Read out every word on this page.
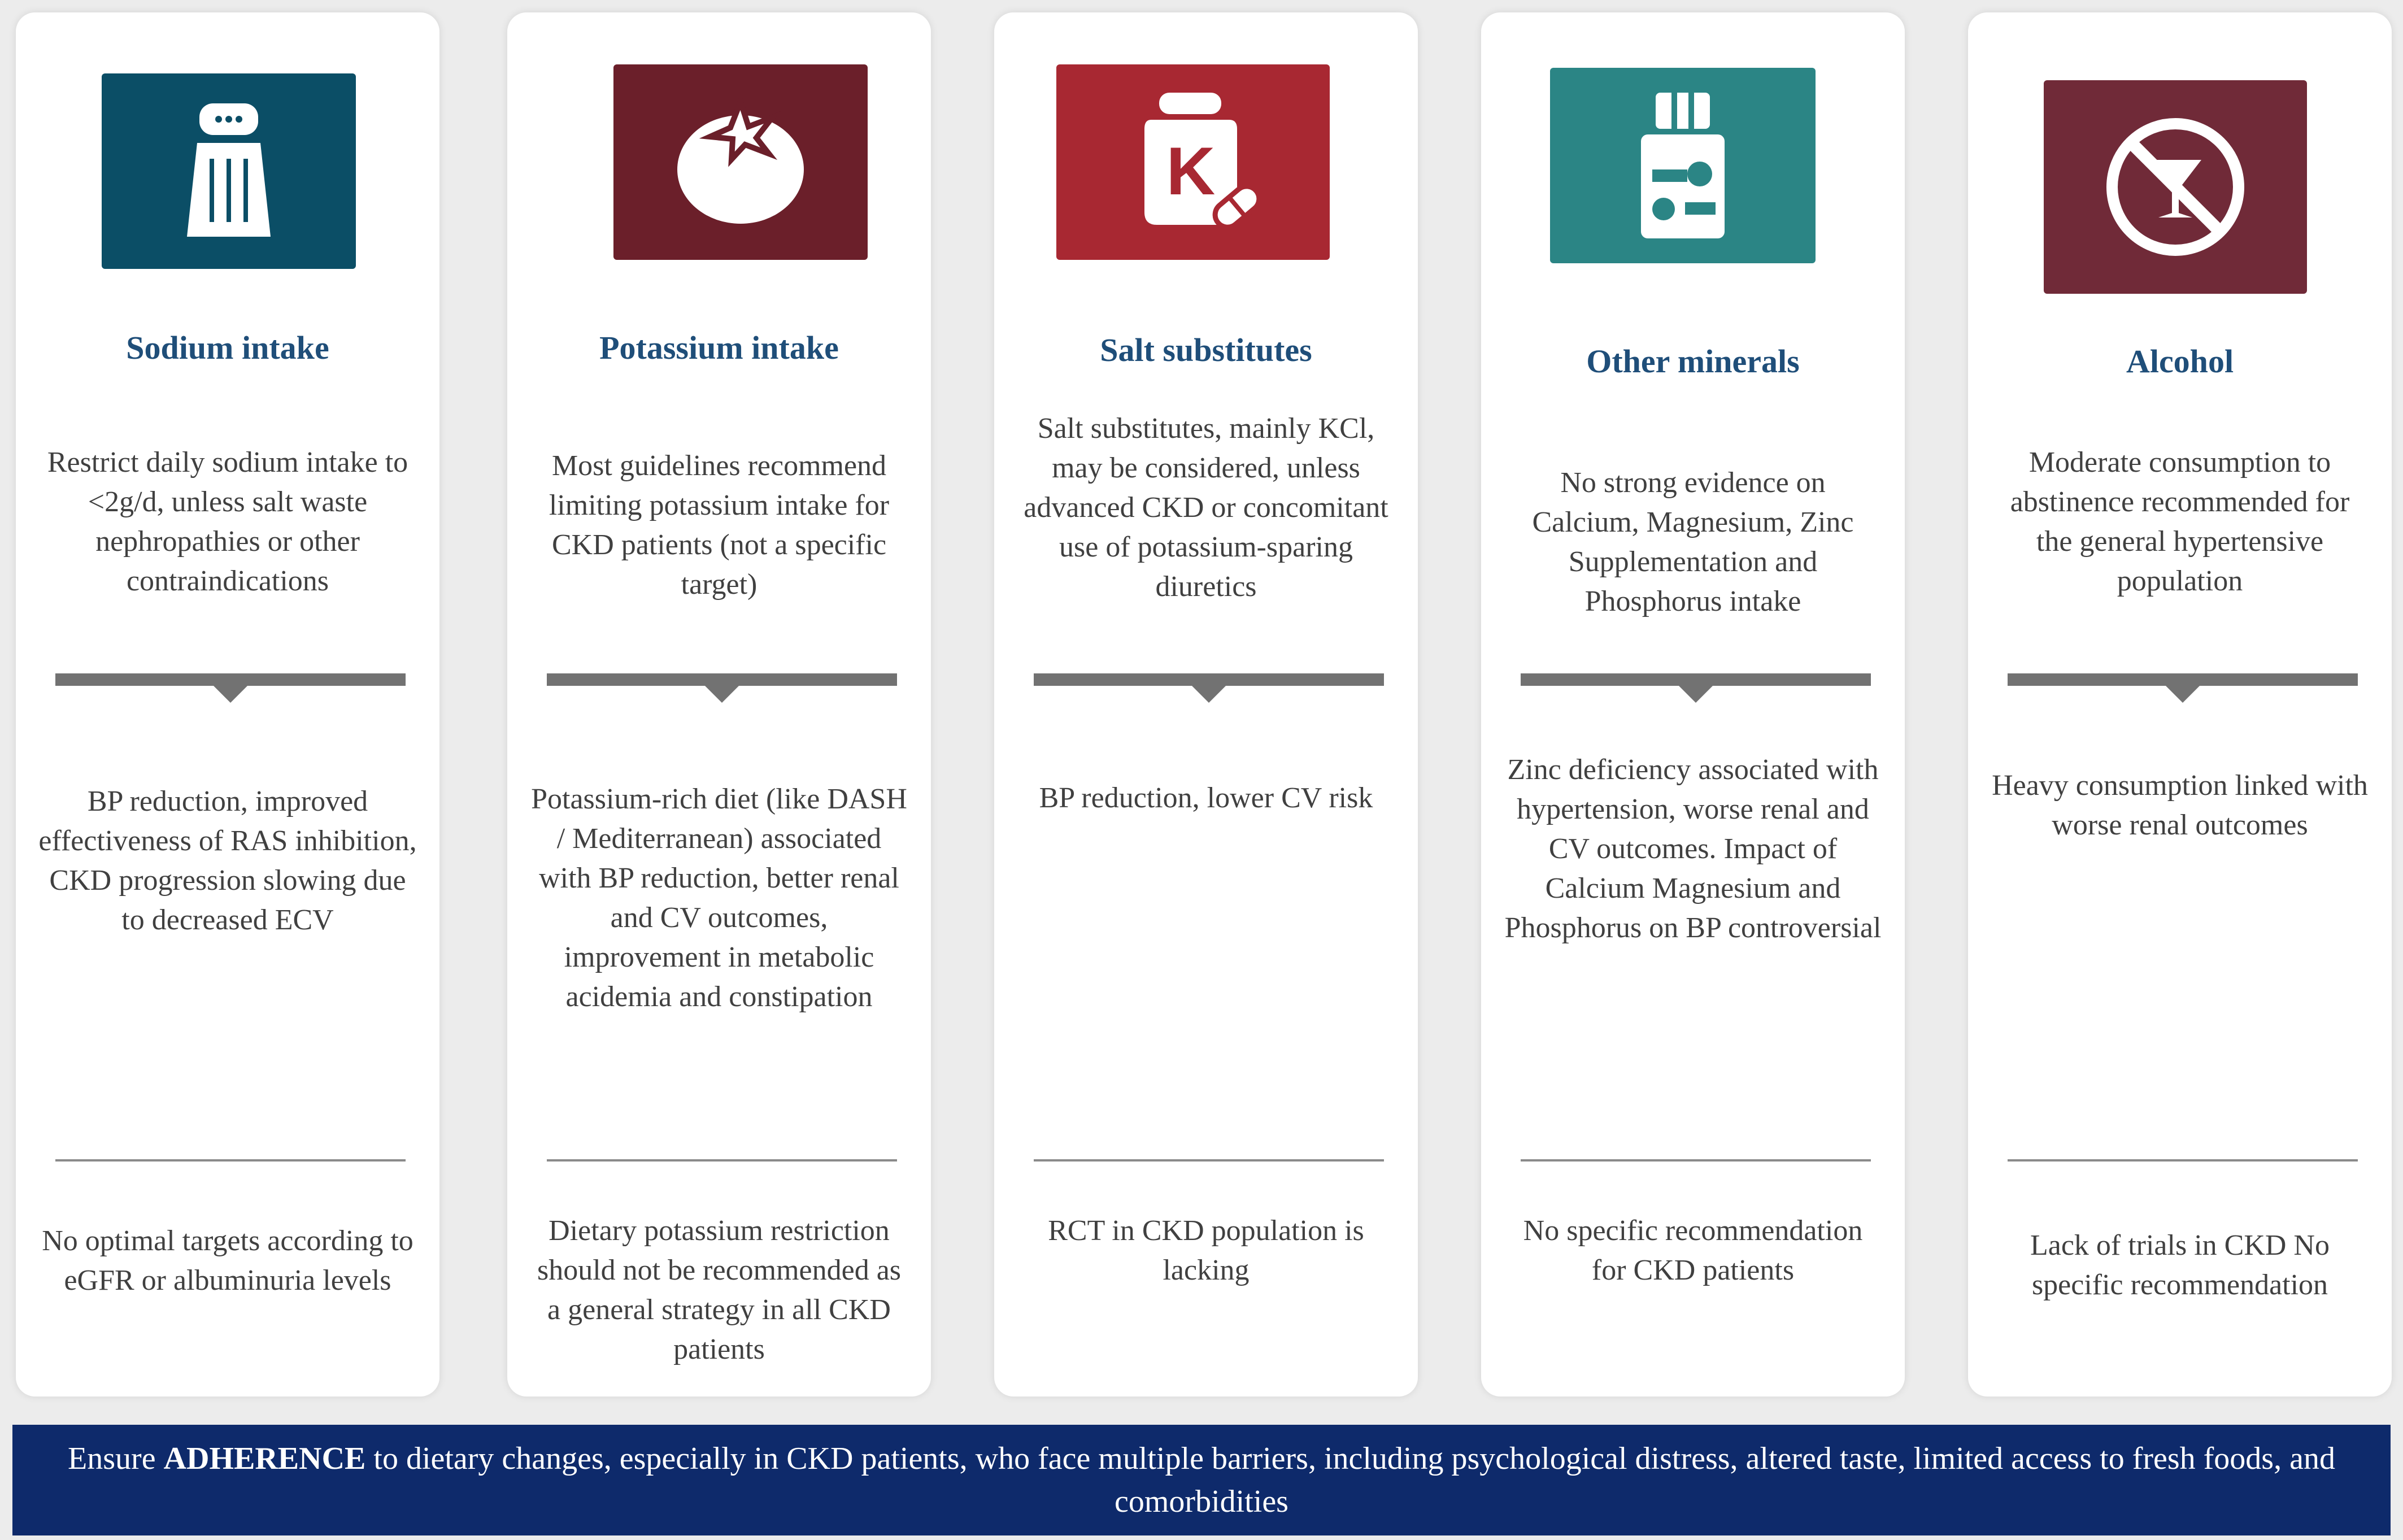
Sodium intake
Restrict daily sodium intake to <2g/d, unless salt waste nephropathies or other contraindications
BP reduction, improved effectiveness of RAS inhibition, CKD progression slowing due to decreased ECV
No optimal targets according to eGFR or albuminuria levels
Potassium intake
Most guidelines recommend limiting potassium intake for CKD patients (not a specific target)
Potassium-rich diet (like DASH / Mediterranean) associated with BP reduction, better renal and CV outcomes, improvement in metabolic acidemia and constipation
Dietary potassium restriction should not be recommended as a general strategy in all CKD patients
K
Salt substitutes
Salt substitutes, mainly KCl, may be considered, unless advanced CKD or concomitant use of potassium-sparing diuretics
BP reduction, lower CV risk
RCT in CKD population is lacking
Other minerals
No strong evidence on Calcium, Magnesium, Zinc Supplementation and Phosphorus intake
Zinc deficiency associated with hypertension, worse renal and CV outcomes. Impact of Calcium Magnesium and Phosphorus on BP controversial
No specific recommendation for CKD patients
Alcohol
Moderate consumption to abstinence recommended for the general hypertensive population
Heavy consumption linked with worse renal outcomes
Lack of trials in CKD No specific recommendation
Ensure ADHERENCE to dietary changes, especially in CKD patients, who face multiple barriers, including psychological distress, altered taste, limited access to fresh foods, and comorbidities
